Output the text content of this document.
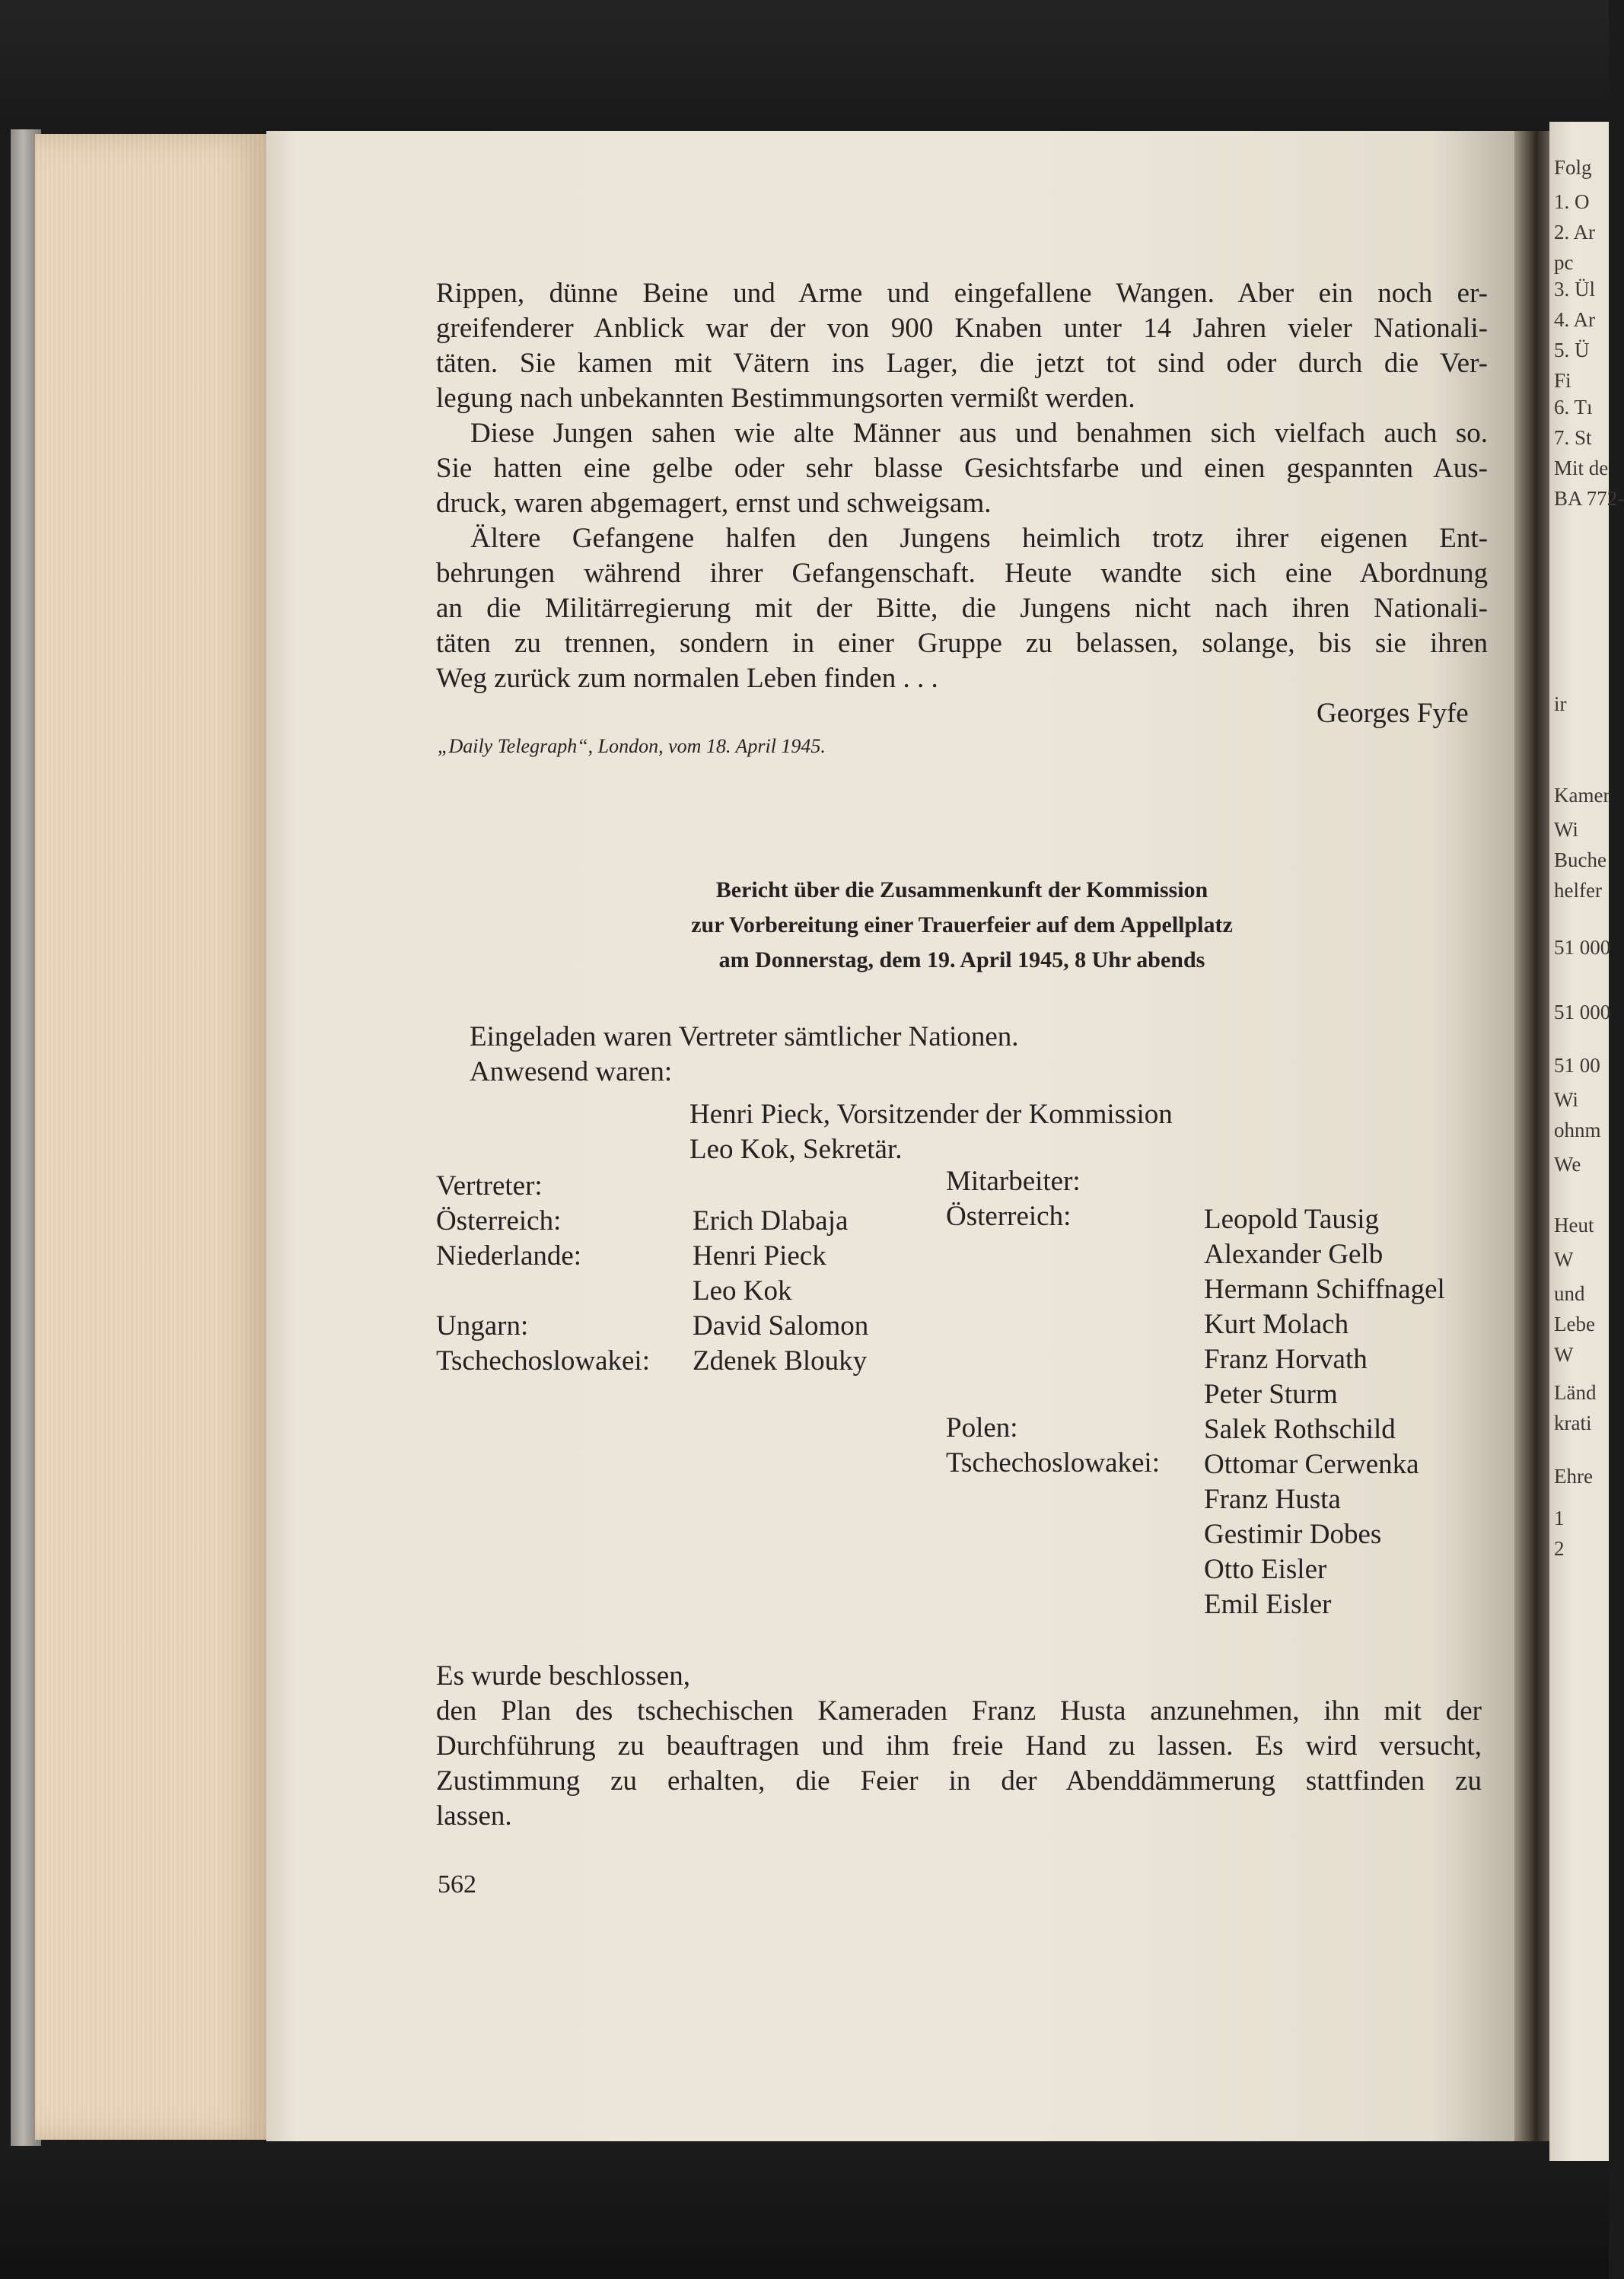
Folg
1. O
2. Ar
pc
3. Ül
4. Ar
5. Ü
Fi
6. Tı
7. St
Mit de
BA 772-
ir
Kamer
Wi
Buche
helfer
51 000
51 000
51 00
Wi
ohnm
We
Heut
W
und
Lebe
W
Länd
krati
Ehre
1
2
Rippen, dünne Beine und Arme und eingefallene Wangen. Aber ein noch er-
greifenderer Anblick war der von 900 Knaben unter 14 Jahren vieler Nationali-
täten. Sie kamen mit Vätern ins Lager, die jetzt tot sind oder durch die Ver-
legung nach unbekannten Bestimmungsorten vermißt werden.
Diese Jungen sahen wie alte Männer aus und benahmen sich vielfach auch so.
Sie hatten eine gelbe oder sehr blasse Gesichtsfarbe und einen gespannten Aus-
druck, waren abgemagert, ernst und schweigsam.
Ältere Gefangene halfen den Jungens heimlich trotz ihrer eigenen Ent-
behrungen während ihrer Gefangenschaft. Heute wandte sich eine Abordnung
an die Militärregierung mit der Bitte, die Jungens nicht nach ihren Nationali-
täten zu trennen, sondern in einer Gruppe zu belassen, solange, bis sie ihren
Weg zurück zum normalen Leben finden . . .
Georges Fyfe
„Daily Telegraph“, London, vom 18. April 1945.
Bericht über die Zusammenkunft der Kommission
zur Vorbereitung einer Trauerfeier auf dem Appellplatz
am Donnerstag, dem 19. April 1945, 8 Uhr abends
Eingeladen waren Vertreter sämtlicher Nationen.
Anwesend waren:
Henri Pieck, Vorsitzender der Kommission
Leo Kok, Sekretär.
Vertreter:	Mitarbeiter:
Österreich:
Niederlande:
Ungarn:
Tschechoslowakei:
Erich Dlabaja
Henri Pieck
Leo Kok
David Salomon
Zdenek Blouky
Österreich:
Polen:
Tschechoslowakei:
Leopold Tausig
Alexander Gelb
Hermann Schiffnagel
Kurt Molach
Franz Horvath
Peter Sturm
Salek Rothschild
Ottomar Cerwenka
Franz Husta
Gestimir Dobes
Otto Eisler
Emil Eisler
Es wurde beschlossen,
den Plan des tschechischen Kameraden Franz Husta anzunehmen, ihn mit der
Durchführung zu beauftragen und ihm freie Hand zu lassen. Es wird versucht,
Zustimmung zu erhalten, die Feier in der Abenddämmerung stattfinden zu
lassen.
562
